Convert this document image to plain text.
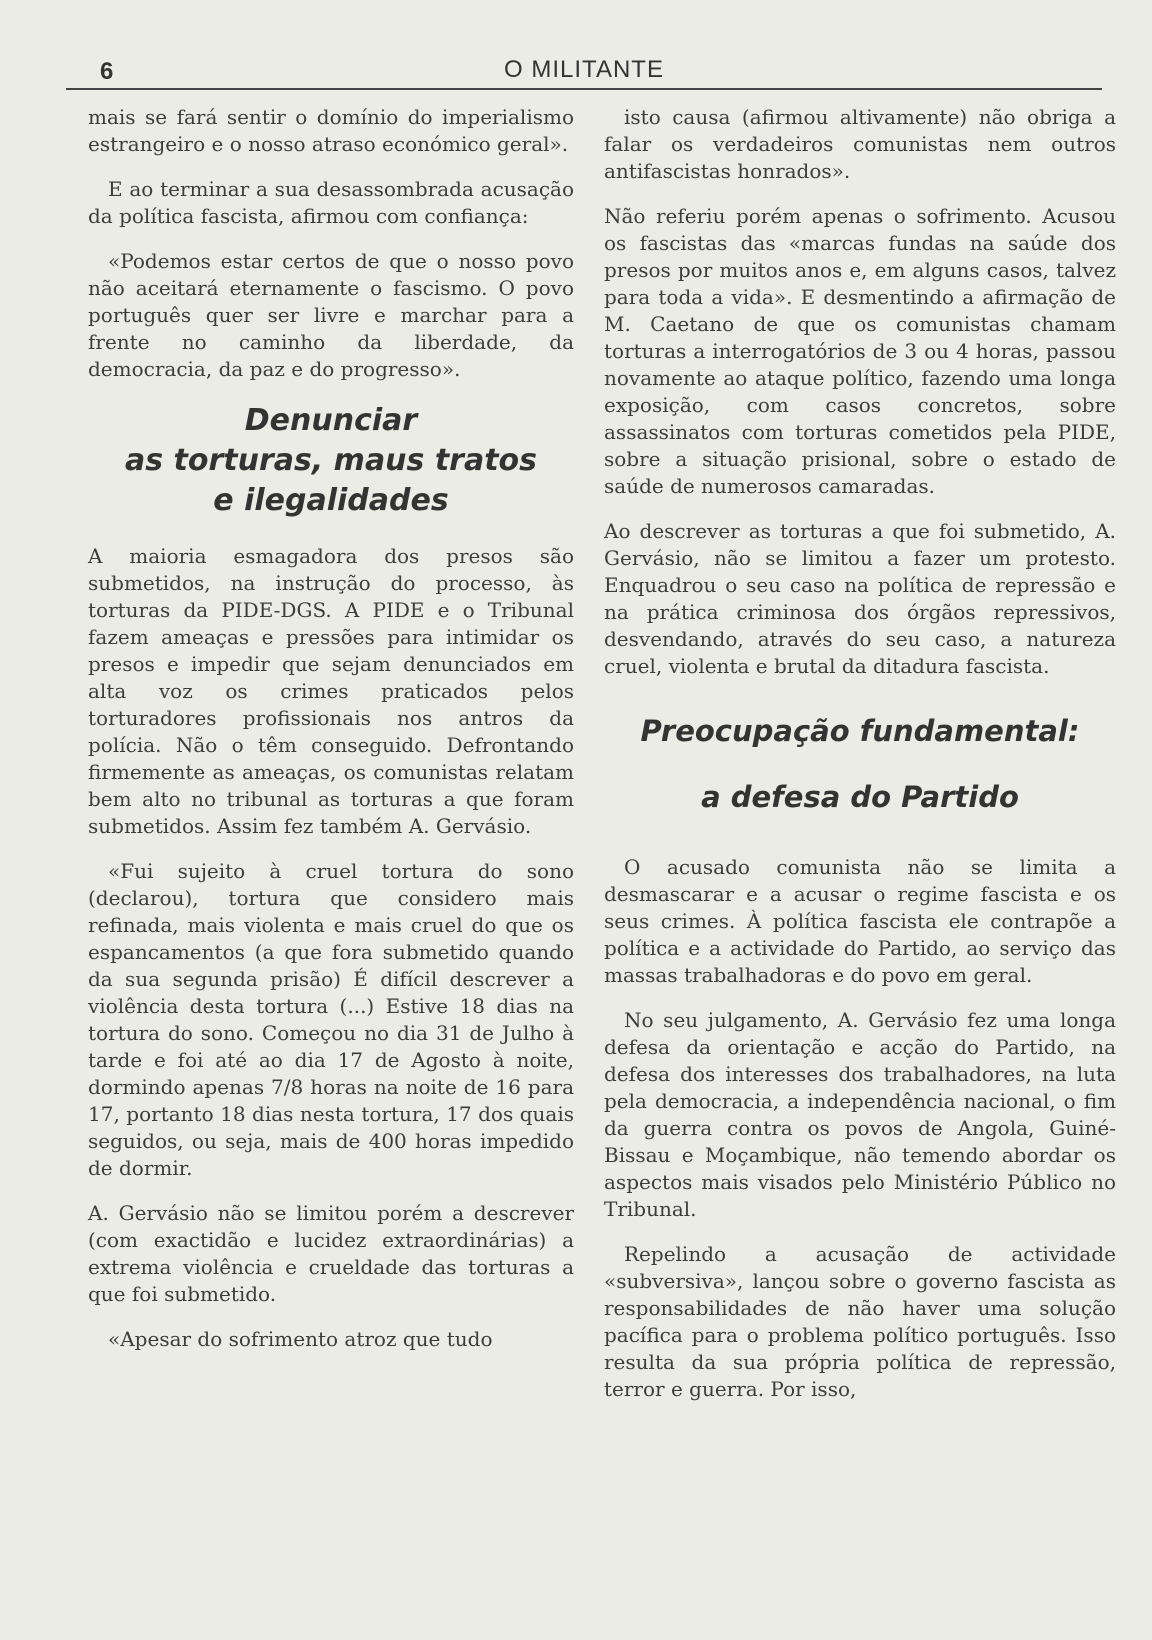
6	O MILITANTE

mais se fará sentir o domínio do imperialismo estrangeiro e o nosso atraso económico geral».

E ao terminar a sua desassombrada acusação da política fascista, afirmou com confiança:

«Podemos estar certos de que o nosso povo não aceitará eternamente o fascismo. O povo português quer ser livre e marchar para a frente no caminho da liberdade, da democracia, da paz e do progresso».

Denunciar
as torturas, maus tratos
e ilegalidades

A maioria esmagadora dos presos são submetidos, na instrução do processo, às torturas da PIDE-DGS. A PIDE e o Tribunal fazem ameaças e pressões para intimidar os presos e impedir que sejam denunciados em alta voz os crimes praticados pelos torturadores profissionais nos antros da polícia. Não o têm conseguido. Defrontando firmemente as ameaças, os comunistas relatam bem alto no tribunal as torturas a que foram submetidos. Assim fez também A. Gervásio.

«Fui sujeito à cruel tortura do sono (declarou), tortura que considero mais refinada, mais violenta e mais cruel do que os espancamentos (a que fora submetido quando da sua segunda prisão) É difícil descrever a violência desta tortura (...) Estive 18 dias na tortura do sono. Começou no dia 31 de Julho à tarde e foi até ao dia 17 de Agosto à noite, dormindo apenas 7/8 horas na noite de 16 para 17, portanto 18 dias nesta tortura, 17 dos quais seguidos, ou seja, mais de 400 horas impedido de dormir.

A. Gervásio não se limitou porém a descrever (com exactidão e lucidez extraordinárias) a extrema violência e crueldade das torturas a que foi submetido.

«Apesar do sofrimento atroz que tudo

isto causa (afirmou altivamente) não obriga a falar os verdadeiros comunistas nem outros antifascistas honrados».

Não referiu porém apenas o sofrimento. Acusou os fascistas das «marcas fundas na saúde dos presos por muitos anos e, em alguns casos, talvez para toda a vida». E desmentindo a afirmação de M. Caetano de que os comunistas chamam torturas a interrogatórios de 3 ou 4 horas, passou novamente ao ataque político, fazendo uma longa exposição, com casos concretos, sobre assassinatos com torturas cometidos pela PIDE, sobre a situação prisional, sobre o estado de saúde de numerosos camaradas.

Ao descrever as torturas a que foi submetido, A. Gervásio, não se limitou a fazer um protesto. Enquadrou o seu caso na política de repressão e na prática criminosa dos órgãos repressivos, desvendando, através do seu caso, a natureza cruel, violenta e brutal da ditadura fascista.

Preocupação fundamental:
a defesa do Partido

O acusado comunista não se limita a desmascarar e a acusar o regime fascista e os seus crimes. À política fascista ele contrapõe a política e a actividade do Partido, ao serviço das massas trabalhadoras e do povo em geral.

No seu julgamento, A. Gervásio fez uma longa defesa da orientação e acção do Partido, na defesa dos interesses dos trabalhadores, na luta pela democracia, a independência nacional, o fim da guerra contra os povos de Angola, Guiné-Bissau e Moçambique, não temendo abordar os aspectos mais visados pelo Ministério Público no Tribunal.

Repelindo a acusação de actividade «subversiva», lançou sobre o governo fascista as responsabilidades de não haver uma solução pacífica para o problema político português. Isso resulta da sua própria política de repressão, terror e guerra. Por isso,
